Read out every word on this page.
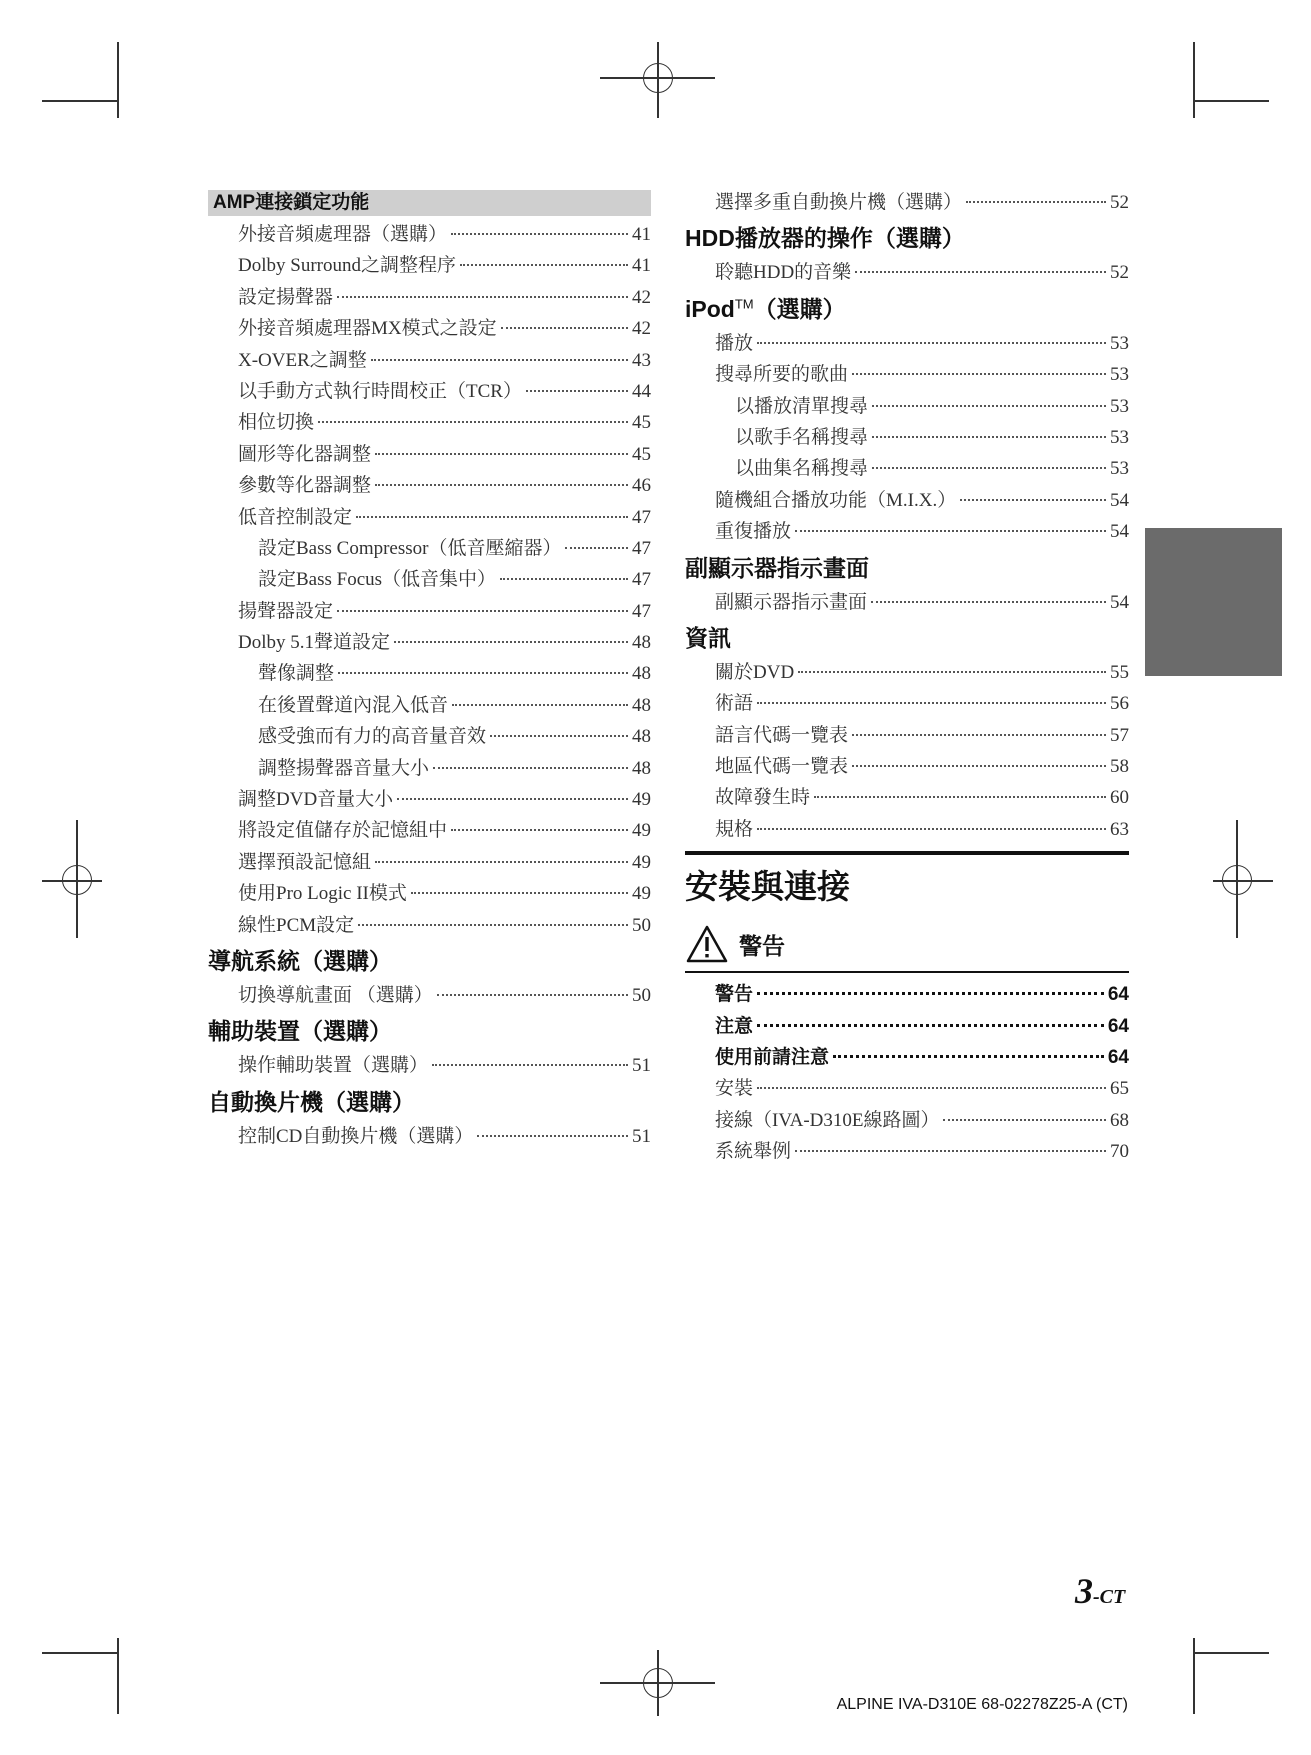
AMP連接鎖定功能
外接音頻處理器（選購）	41
Dolby Surround之調整程序	41
設定揚聲器	42
外接音頻處理器MX模式之設定	42
X-OVER之調整	43
以手動方式執行時間校正（TCR）	44
相位切換	45
圖形等化器調整	45
參數等化器調整	46
低音控制設定	47
設定Bass Compressor（低音壓縮器）	47
設定Bass Focus（低音集中）	47
揚聲器設定	47
Dolby 5.1聲道設定	48
聲像調整	48
在後置聲道內混入低音	48
感受強而有力的高音量音效	48
調整揚聲器音量大小	48
調整DVD音量大小	49
將設定值儲存於記憶組中	49
選擇預設記憶組	49
使用Pro Logic II模式	49
線性PCM設定	50
導航系統（選購）
切換導航畫面 （選購）	50
輔助裝置（選購）
操作輔助裝置（選購）	51
自動換片機（選購）
控制CD自動換片機（選購）	51
選擇多重自動換片機（選購）	52
HDD播放器的操作（選購）
聆聽HDD的音樂	52
iPod™（選購）
播放	53
搜尋所要的歌曲	53
以播放清單搜尋	53
以歌手名稱搜尋	53
以曲集名稱搜尋	53
隨機組合播放功能（M.I.X.）	54
重復播放	54
副顯示器指示畫面
副顯示器指示畫面	54
資訊
關於DVD	55
術語	56
語言代碼一覽表	57
地區代碼一覽表	58
故障發生時	60
規格	63
安裝與連接
警告
警告	64
注意	64
使用前請注意	64
安裝	65
接線（IVA-D310E線路圖）	68
系統舉例	70
3-CT
ALPINE IVA-D310E 68-02278Z25-A (CT)
